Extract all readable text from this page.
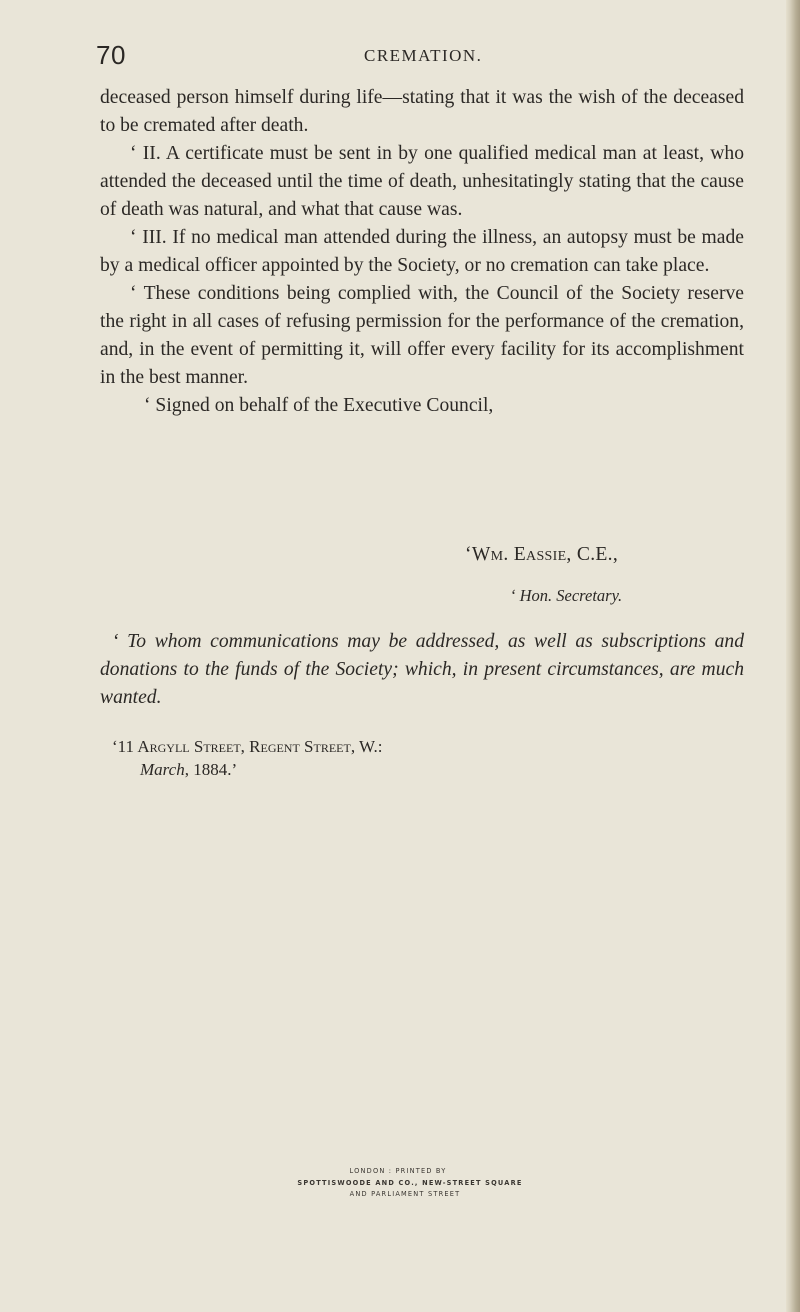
70	CREMATION.

deceased person himself during life—stating that it was the wish of the deceased to be cremated after death.

‘ II. A certificate must be sent in by one qualified medical man at least, who attended the deceased until the time of death, unhesitatingly stating that the cause of death was natural, and what that cause was.

‘ III. If no medical man attended during the illness, an autopsy must be made by a medical officer appointed by the Society, or no cremation can take place.

‘ These conditions being complied with, the Council of the Society reserve the right in all cases of refusing permission for the performance of the cremation, and, in the event of permitting it, will offer every facility for its accomplishment in the best manner.

‘ Signed on behalf of the Executive Council,

‘Wm. Eassie, C.E.,
‘ Hon. Secretary.
‘ To whom communications may be addressed, as well as subscriptions and donations to the funds of the Society; which, in present circumstances, are much wanted.
‘11 Argyll Street, Regent Street, W.:
March, 1884.’
LONDON : PRINTED BY
SPOTTISWOODE AND CO., NEW-STREET SQUARE
AND PARLIAMENT STREET
